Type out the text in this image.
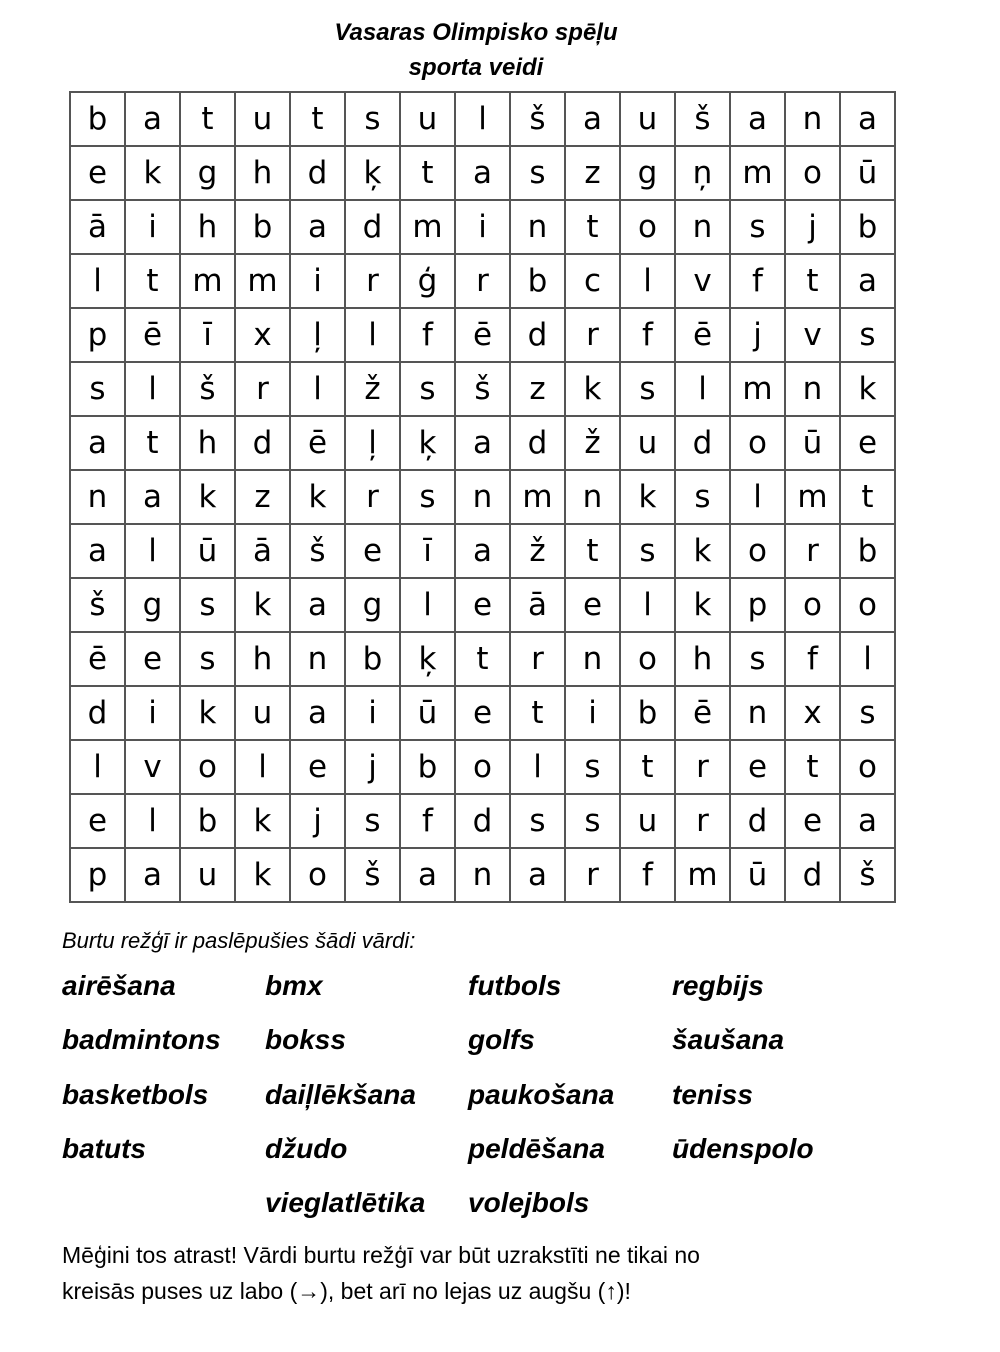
Vasaras Olimpisko spēļu
sporta veidi
b	a	t	u	t	s	u	l	š	a	u	š	a	n	a
e	k	g	h	d	ķ	t	a	s	z	g	ņ	m	o	ū
ā	i	h	b	a	d	m	i	n	t	o	n	s	j	b
l	t	m	m	i	r	ģ	r	b	c	l	v	f	t	a
p	ē	ī	x	ļ	l	f	ē	d	r	f	ē	j	v	s
s	l	š	r	l	ž	s	š	z	k	s	l	m	n	k
a	t	h	d	ē	ļ	ķ	a	d	ž	u	d	o	ū	e
n	a	k	z	k	r	s	n	m	n	k	s	l	m	t
a	l	ū	ā	š	e	ī	a	ž	t	s	k	o	r	b
š	g	s	k	a	g	l	e	ā	e	l	k	p	o	o
ē	e	s	h	n	b	ķ	t	r	n	o	h	s	f	l
d	i	k	u	a	i	ū	e	t	i	b	ē	n	x	s
l	v	o	l	e	j	b	o	l	s	t	r	e	t	o
e	l	b	k	j	s	f	d	s	s	u	r	d	e	a
p	a	u	k	o	š	a	n	a	r	f	m	ū	d	š
Burtu režģī ir paslēpušies šādi vārdi:
airēšana
badmintons
basketbols
batuts
bmx
bokss
daiļlēkšana
džudo
vieglatlētika
futbols
golfs
paukošana
peldēšana
volejbols
regbijs
šaušana
teniss
ūdenspolo
Mēģini tos atrast! Vārdi burtu režģī var būt uzrakstīti ne tikai no
kreisās puses uz labo (→), bet arī no lejas uz augšu (↑)!
